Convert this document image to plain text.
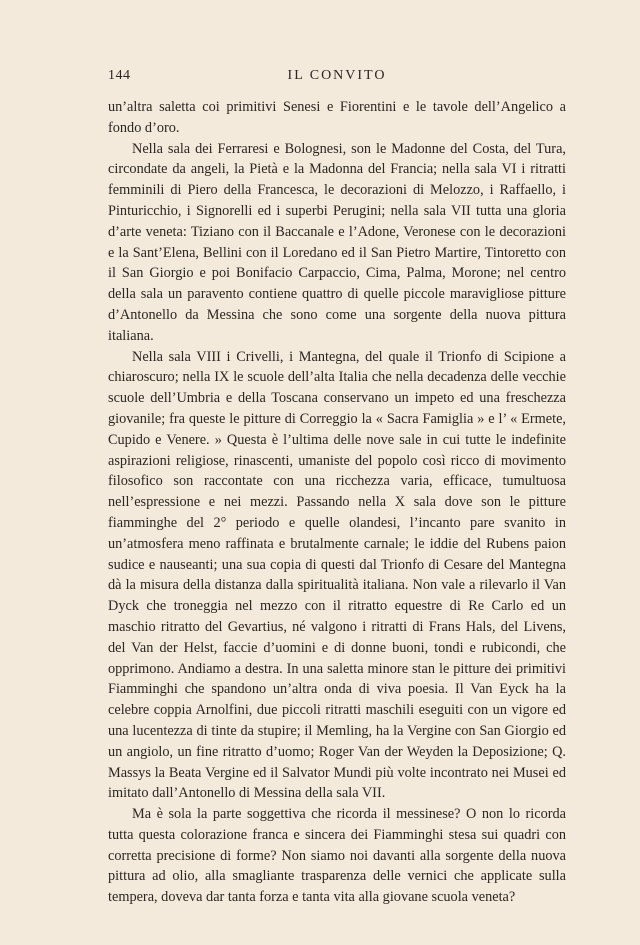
144	IL CONVITO

un’altra saletta coi primitivi Senesi e Fiorentini e le tavole dell’Angelico a fondo d’oro.

Nella sala dei Ferraresi e Bolognesi, son le Madonne del Costa, del Tura, circondate da angeli, la Pietà e la Madonna del Francia; nella sala VI i ritratti femminili di Piero della Francesca, le decorazioni di Melozzo, i Raffaello, i Pinturicchio, i Signorelli ed i superbi Perugini; nella sala VII tutta una gloria d’arte veneta: Tiziano con il Baccanale e l’Adone, Veronese con le decorazioni e la Sant’Elena, Bellini con il Loredano ed il San Pietro Martire, Tintoretto con il San Giorgio e poi Bonifacio Carpaccio, Cima, Palma, Morone; nel centro della sala un paravento contiene quattro di quelle piccole maravigliose pitture d’Antonello da Messina che sono come una sorgente della nuova pittura italiana.

Nella sala VIII i Crivelli, i Mantegna, del quale il Trionfo di Scipione a chiaroscuro; nella IX le scuole dell’alta Italia che nella decadenza delle vecchie scuole dell’Umbria e della Toscana conservano un impeto ed una freschezza giovanile; fra queste le pitture di Correggio la « Sacra Famiglia » e l’ « Ermete, Cupido e Venere. » Questa è l’ultima delle nove sale in cui tutte le indefinite aspirazioni religiose, rinascenti, umaniste del popolo così ricco di movimento filosofico son raccontate con una ricchezza varia, efficace, tumultuosa nell’espressione e nei mezzi. Passando nella X sala dove son le pitture fiamminghe del 2° periodo e quelle olandesi, l’incanto pare svanito in un’atmosfera meno raffinata e brutalmente carnale; le iddie del Rubens paion sudice e nauseanti; una sua copia di questi dal Trionfo di Cesare del Mantegna dà la misura della distanza dalla spiritualità italiana. Non vale a rilevarlo il Van Dyck che troneggia nel mezzo con il ritratto equestre di Re Carlo ed un maschio ritratto del Gevartius, né valgono i ritratti di Frans Hals, del Livens, del Van der Helst, faccie d’uomini e di donne buoni, tondi e rubicondi, che opprimono. Andiamo a destra. In una saletta minore stan le pitture dei primitivi Fiamminghi che spandono un’altra onda di viva poesia. Il Van Eyck ha la celebre coppia Arnolfini, due piccoli ritratti maschili eseguiti con un vigore ed una lucentezza di tinte da stupire; il Memling, ha la Vergine con San Giorgio ed un angiolo, un fine ritratto d’uomo; Roger Van der Weyden la Deposizione; Q. Massys la Beata Vergine ed il Salvator Mundi più volte incontrato nei Musei ed imitato dall’Antonello di Messina della sala VII.

Ma è sola la parte soggettiva che ricorda il messinese? O non lo ricorda tutta questa colorazione franca e sincera dei Fiamminghi stesa sui quadri con corretta precisione di forme? Non siamo noi davanti alla sorgente della nuova pittura ad olio, alla smagliante trasparenza delle vernici che applicate sulla tempera, doveva dar tanta forza e tanta vita alla giovane scuola veneta?
